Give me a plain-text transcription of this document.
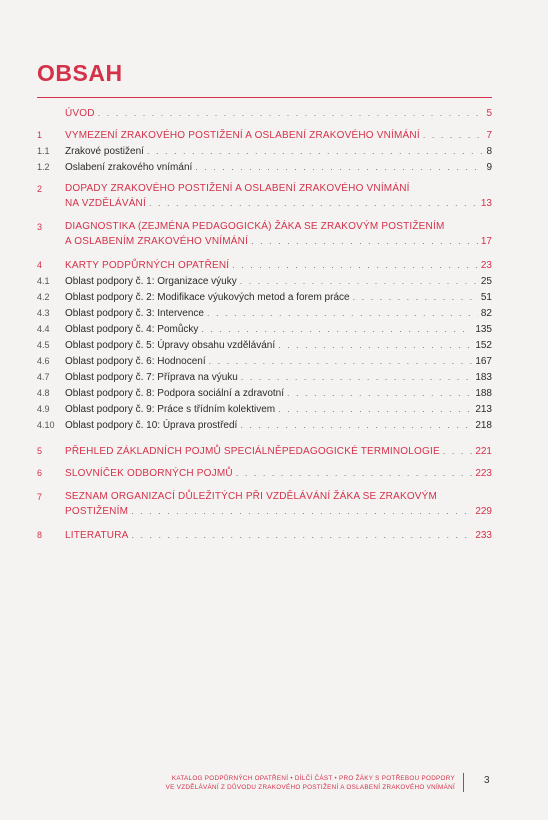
OBSAH
ÚVOD . . .	5
1	VYMEZENÍ ZRAKOVÉHO POSTIŽENÍ A OSLABENÍ ZRAKOVÉHO VNÍMÁNÍ . . .	7
1.1	Zrakové postižení . . .	8
1.2	Oslabení zrakového vnímání . . .	9
2	DOPADY ZRAKOVÉHO POSTIŽENÍ A OSLABENÍ ZRAKOVÉHO VNÍMÁNÍ
NA VZDĚLÁVÁNÍ . . .	13
3	DIAGNOSTIKA (ZEJMÉNA PEDAGOGICKÁ) ŽÁKA SE ZRAKOVÝM POSTIŽENÍM
A OSLABENÍM ZRAKOVÉHO VNÍMÁNÍ . . .	17
4	KARTY PODPŮRNÝCH OPATŘENÍ . . .	23
4.1	Oblast podpory č. 1: Organizace výuky . . .	25
4.2	Oblast podpory č. 2: Modifikace výukových metod a forem práce . . .	51
4.3	Oblast podpory č. 3: Intervence . . .	82
4.4	Oblast podpory č. 4: Pomůcky . . .	135
4.5	Oblast podpory č. 5: Úpravy obsahu vzdělávání . . .	152
4.6	Oblast podpory č. 6: Hodnocení . . .	167
4.7	Oblast podpory č. 7: Příprava na výuku . . .	183
4.8	Oblast podpory č. 8: Podpora sociální a zdravotní . . .	188
4.9	Oblast podpory č. 9: Práce s třídním kolektivem . . .	213
4.10	Oblast podpory č. 10: Úprava prostředí . . .	218
5	PŘEHLED ZÁKLADNÍCH POJMŮ SPECIÁLNĚPEDAGOGICKÉ TERMINOLOGIE . . .	221
6	SLOVNÍČEK ODBORNÝCH POJMŮ . . .	223
7	SEZNAM ORGANIZACÍ DŮLEŽITÝCH PŘI VZDĚLÁVÁNÍ ŽÁKA SE ZRAKOVÝM
POSTIŽENÍM . . .	229
8	LITERATURA . . .	233
KATALOG PODPŮRNÝCH OPATŘENÍ • DÍLČÍ ČÁST • PRO ŽÁKY S POTŘEBOU PODPORY
VE VZDĚLÁVÁNÍ Z DŮVODU ZRAKOVÉHO POSTIŽENÍ A OSLABENÍ ZRAKOVÉHO VNÍMÁNÍ
3
